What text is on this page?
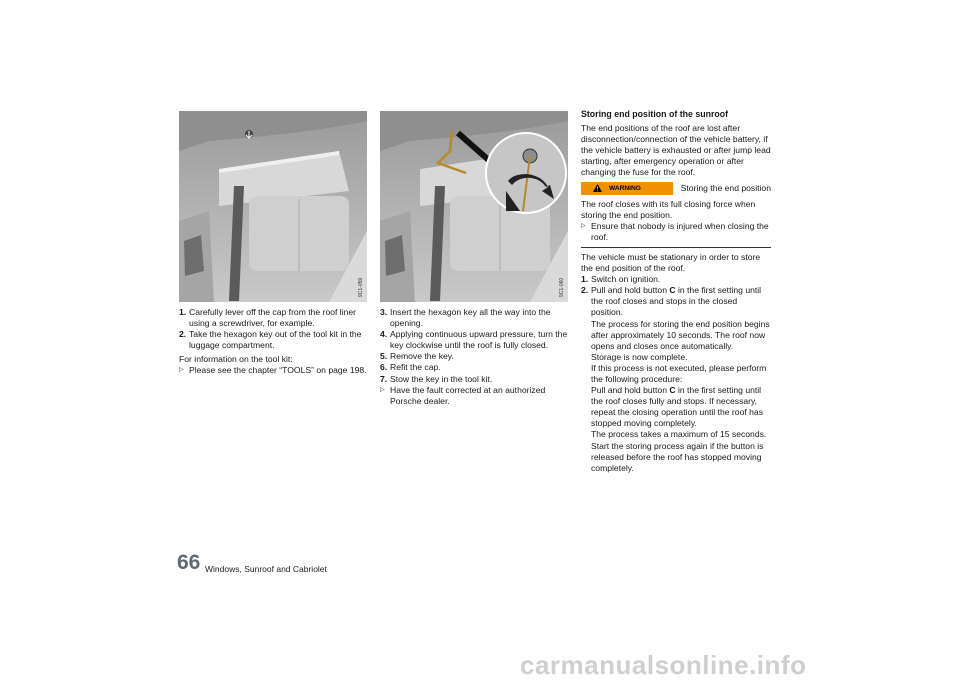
9C1-059	9C1-060
1. Carefully lever off the cap from the roof liner using a screwdriver, for example.
2. Take the hexagon key out of the tool kit in the luggage compartment.

For information on the tool kit:

▷ Please see the chapter “TOOLS” on page 198.
3. Insert the hexagon key all the way into the opening.
4. Applying continuous upward pressure, turn the key clockwise until the roof is fully closed.
5. Remove the key.
6. Refit the cap.
7. Stow the key in the tool kit.
▷ Have the fault corrected at an authorized Porsche dealer.
Storing end position of the sunroof

The end positions of the roof are lost after disconnection/connection of the vehicle battery, if the vehicle battery is exhausted or after jump lead starting, after emergency operation or after changing the fuse for the roof.

WARNING	Storing the end position

The roof closes with its full closing force when storing the end position.

▷ Ensure that nobody is injured when closing the roof.

The vehicle must be stationary in order to store the end position of the roof.

1. Switch on ignition.
2. Pull and hold button C in the first setting until the roof closes and stops in the closed position.
The process for storing the end position begins after approximately 10 seconds. The roof now opens and closes once automatically.
Storage is now complete.
If this process is not executed, please perform the following procedure:
Pull and hold button C in the first setting until the roof closes fully and stops. If necessary, repeat the closing operation until the roof has stopped moving completely.
The process takes a maximum of 15 seconds. Start the storing process again if the button is released before the roof has stopped moving completely.
66 Windows, Sunroof and Cabriolet
carmanualsonline.info
